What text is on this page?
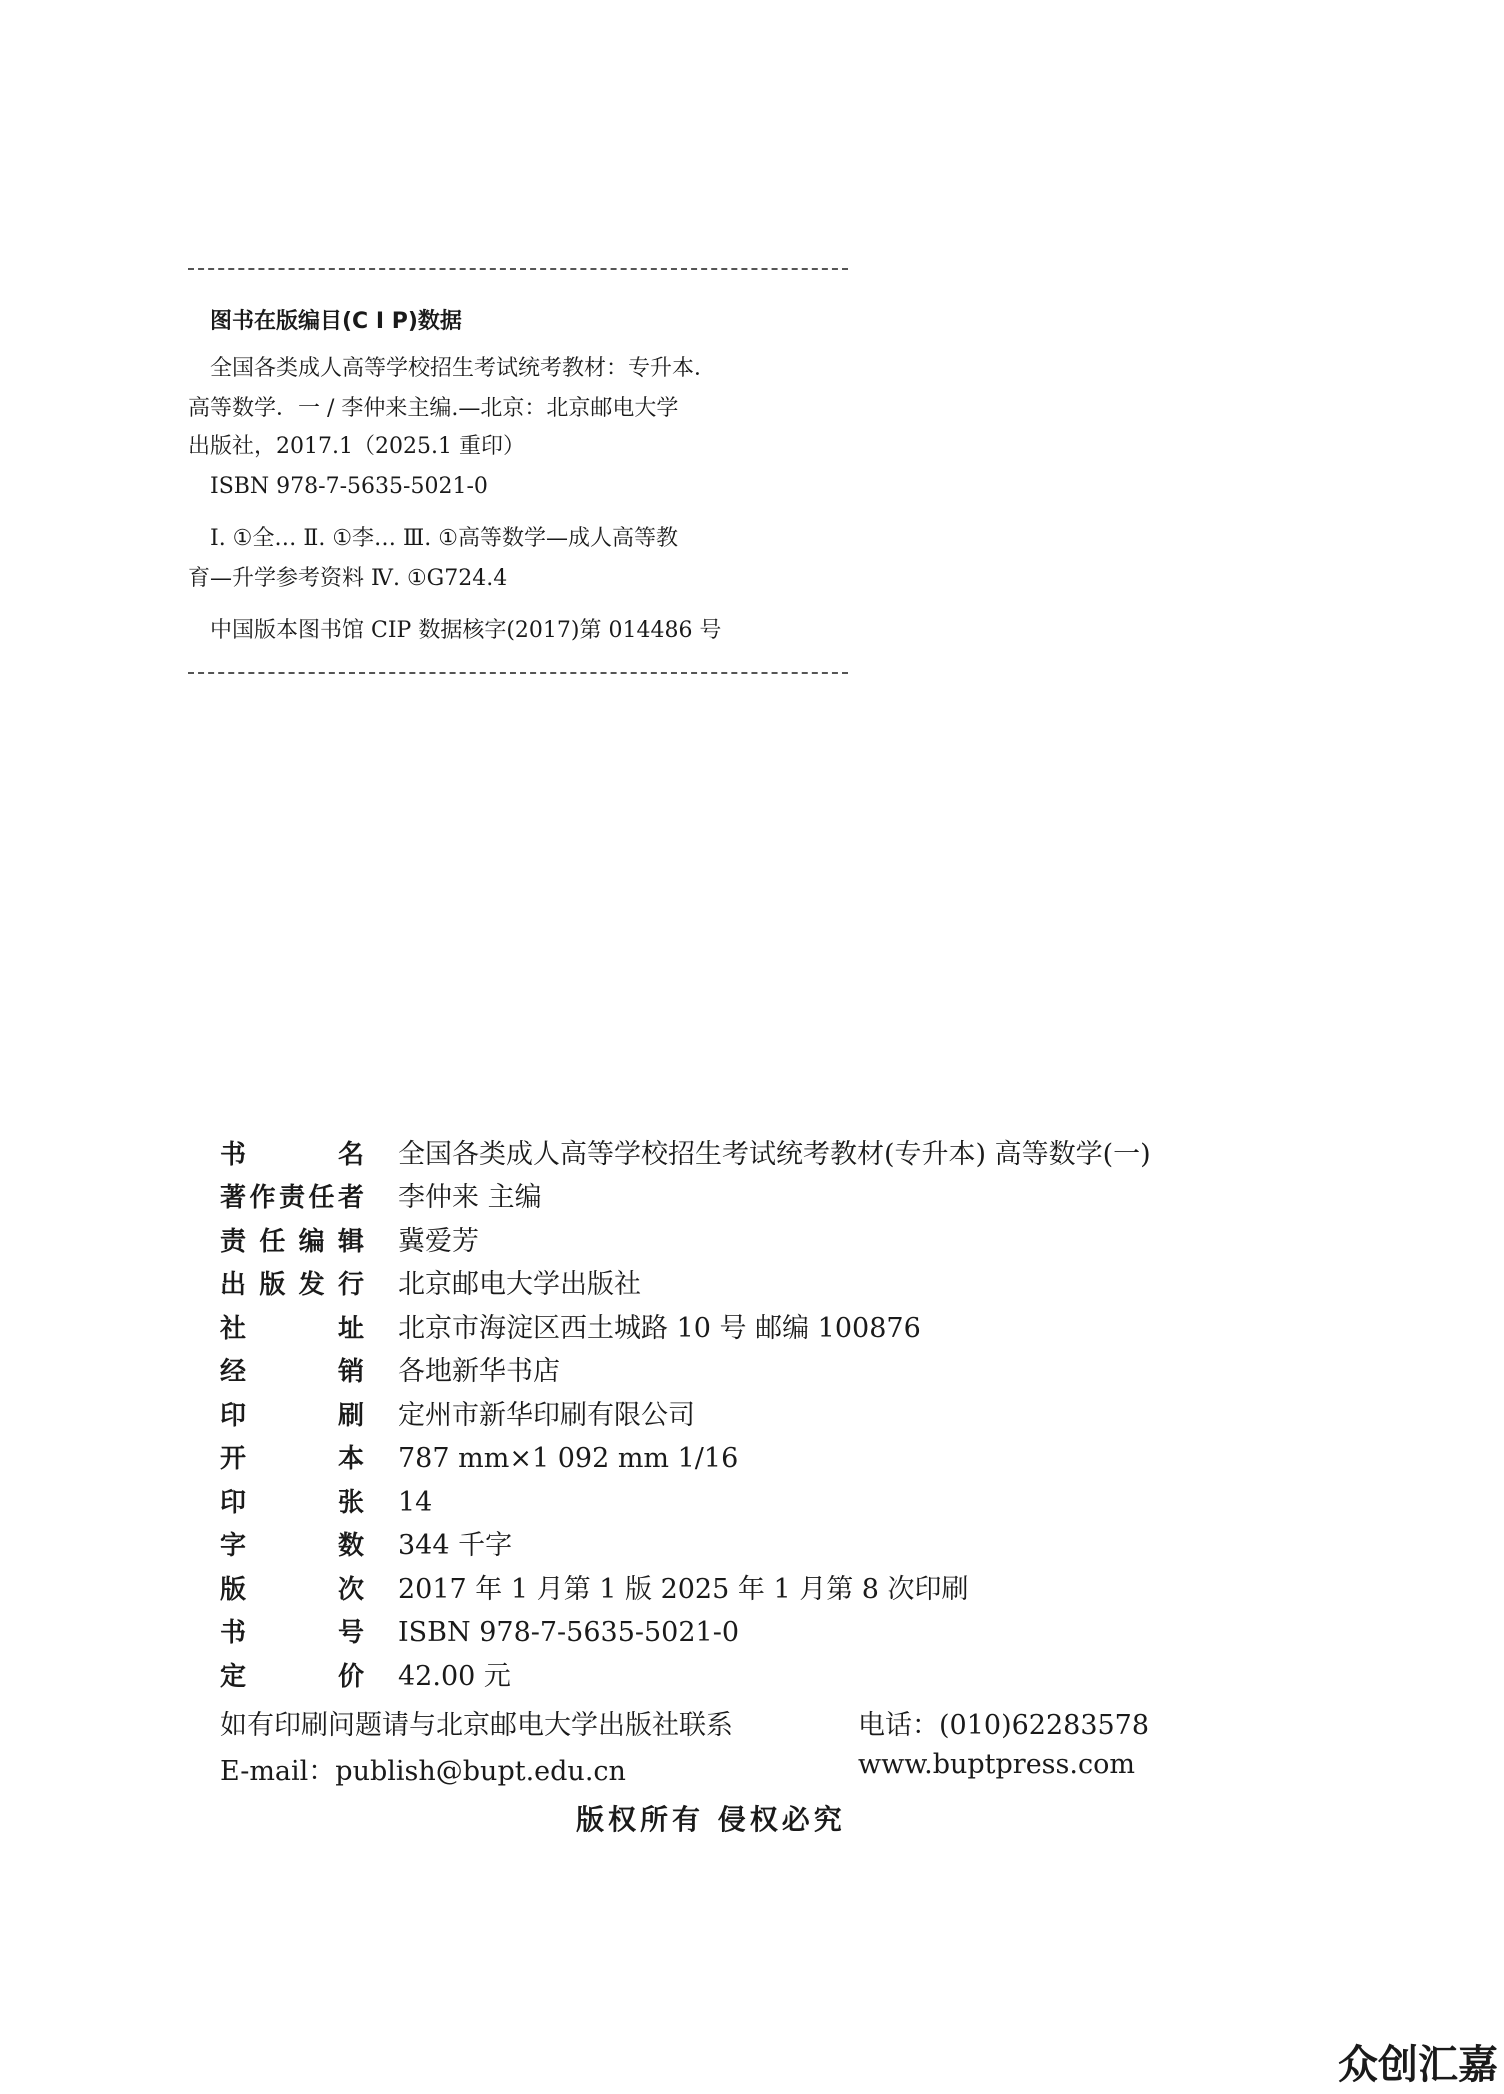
图书在版编目(C I P)数据
全国各类成人高等学校招生考试统考教材：专升本．
高等数学．一 / 李仲来主编.—北京：北京邮电大学
出版社，2017.1（2025.1 重印）
ISBN 978-7-5635-5021-0
Ⅰ. ①全… Ⅱ. ①李… Ⅲ. ①高等数学—成人高等教
育—升学参考资料 Ⅳ. ①G724.4
中国版本图书馆 CIP 数据核字(2017)第 014486 号
书名 全国各类成人高等学校招生考试统考教材(专升本) 高等数学(一)
著作责任者 李仲来 主编
责任编辑 冀爱芳
出版发行 北京邮电大学出版社
社址 北京市海淀区西土城路 10 号 邮编 100876
经销 各地新华书店
印刷 定州市新华印刷有限公司
开本 787 mm×1 092 mm 1/16
印张 14
字数 344 千字
版次 2017 年 1 月第 1 版 2025 年 1 月第 8 次印刷
书号 ISBN 978-7-5635-5021-0
定价 42.00 元
如有印刷问题请与北京邮电大学出版社联系	电话：(010)62283578
E-mail：publish@bupt.edu.cn	www.buptpress.com
版权所有 侵权必究
众创汇嘉
